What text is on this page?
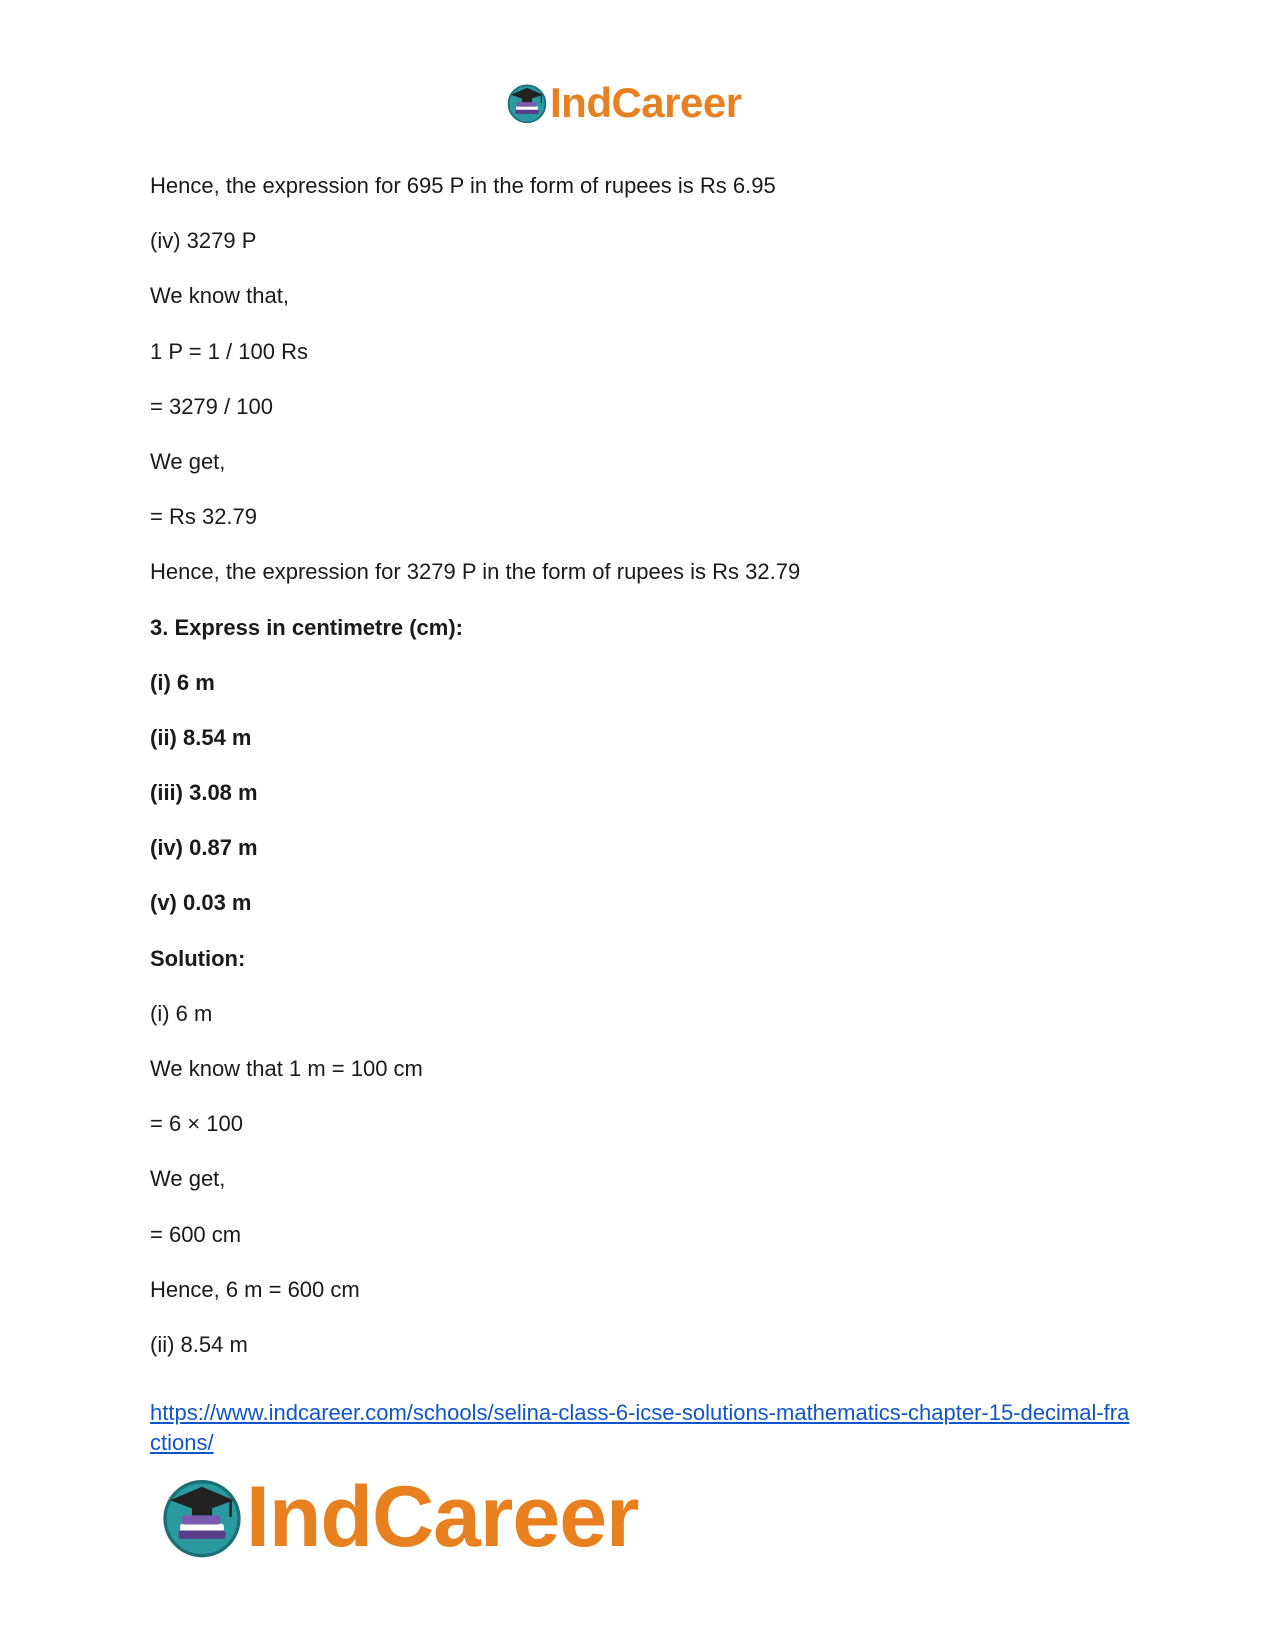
IndCareer
Hence, the expression for 695 P in the form of rupees is Rs 6.95
(iv) 3279 P
We know that,
1 P = 1 / 100 Rs
= 3279 / 100
We get,
= Rs 32.79
Hence, the expression for 3279 P in the form of rupees is Rs 32.79
3. Express in centimetre (cm):
(i) 6 m
(ii) 8.54 m
(iii) 3.08 m
(iv) 0.87 m
(v) 0.03 m
Solution:
(i) 6 m
We know that 1 m = 100 cm
= 6 × 100
We get,
= 600 cm
Hence, 6 m = 600 cm
(ii) 8.54 m
https://www.indcareer.com/schools/selina-class-6-icse-solutions-mathematics-chapter-15-decimal-fractions/
IndCareer
